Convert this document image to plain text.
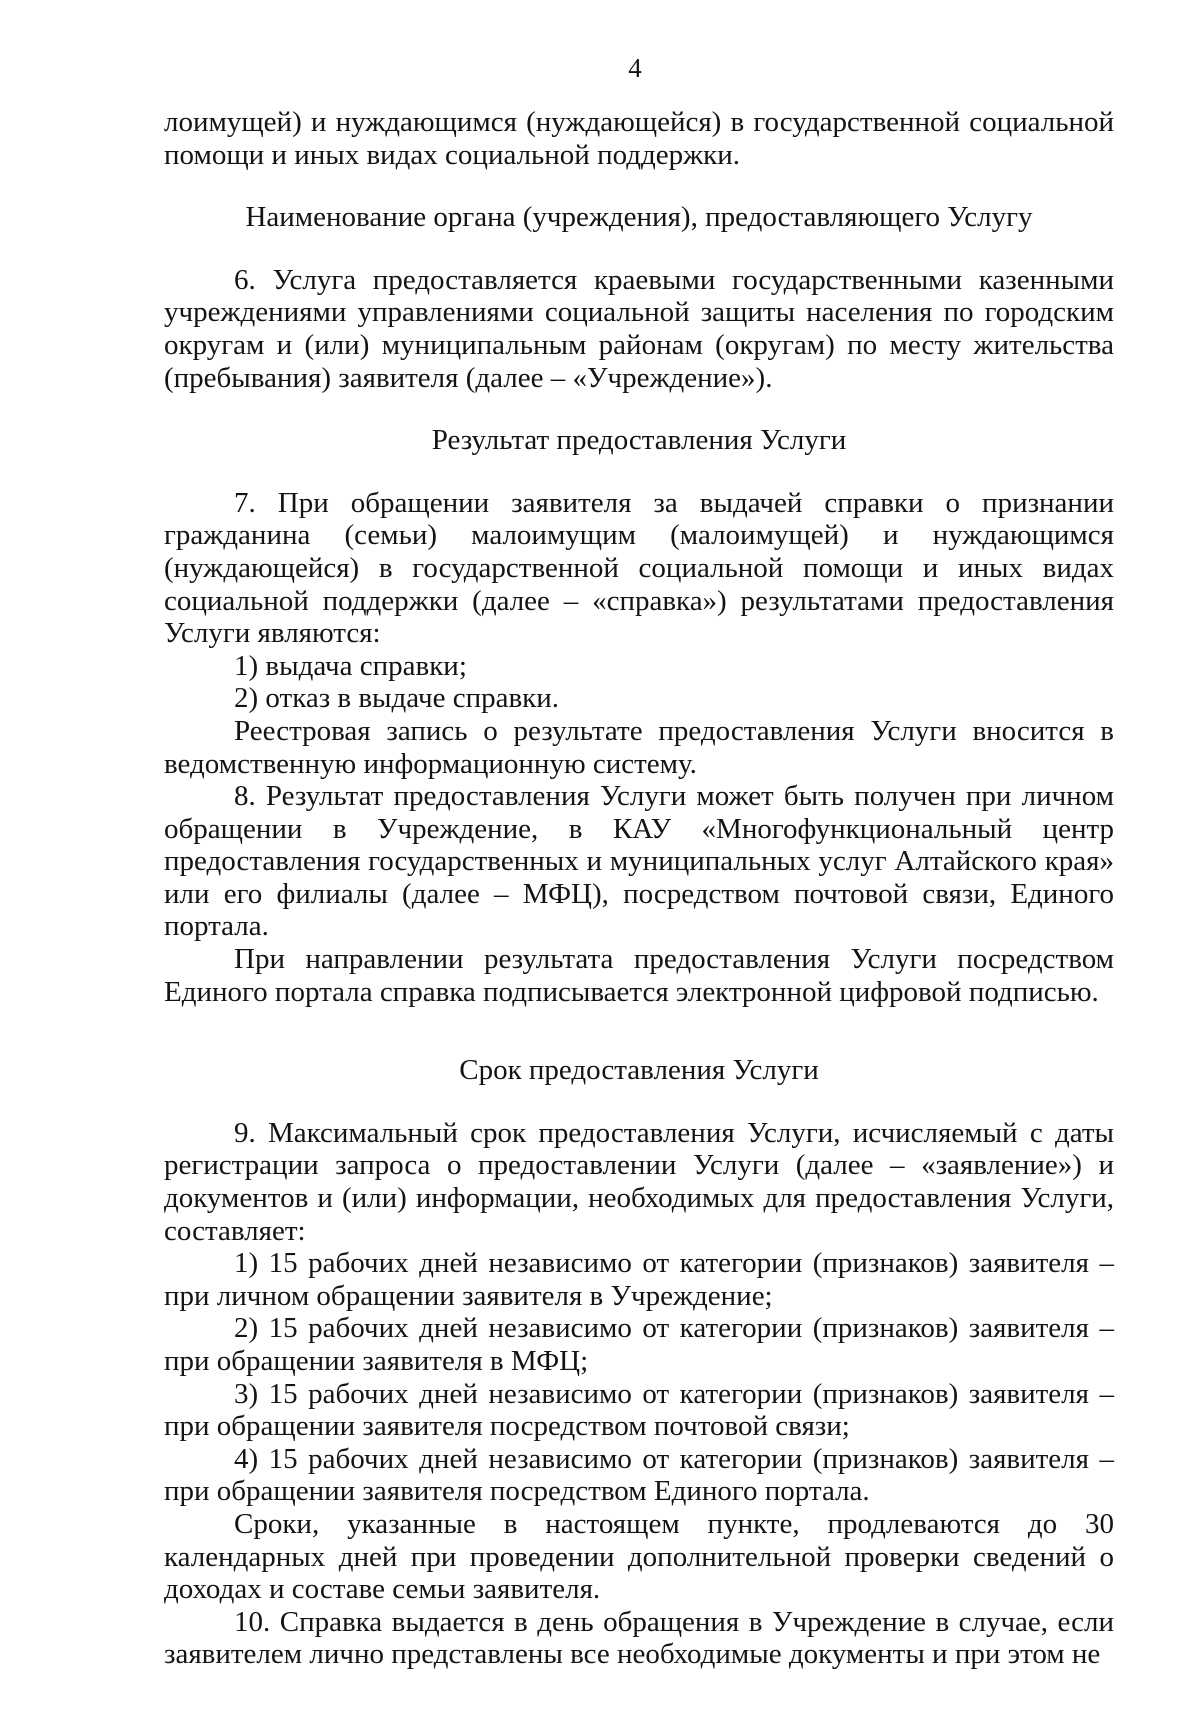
4

лоимущей) и нуждающимся (нуждающейся) в государственной социальной помощи и иных видах социальной поддержки.

Наименование органа (учреждения), предоставляющего Услугу

6. Услуга предоставляется краевыми государственными казенными учреждениями управлениями социальной защиты населения по городским округам и (или) муниципальным районам (округам) по месту жительства (пребывания) заявителя (далее – «Учреждение»).

Результат предоставления Услуги

7. При обращении заявителя за выдачей справки о признании гражданина (семьи) малоимущим (малоимущей) и нуждающимся (нуждающейся) в государственной социальной помощи и иных видах социальной поддержки (далее – «справка») результатами предоставления Услуги являются:

1) выдача справки;

2) отказ в выдаче справки.

Реестровая запись о результате предоставления Услуги вносится в ведомственную информационную систему.

8. Результат предоставления Услуги может быть получен при личном обращении в Учреждение, в КАУ «Многофункциональный центр предоставления государственных и муниципальных услуг Алтайского края» или его филиалы (далее – МФЦ), посредством почтовой связи, Единого портала.

При направлении результата предоставления Услуги посредством Единого портала справка подписывается электронной цифровой подписью.

Срок предоставления Услуги

9. Максимальный срок предоставления Услуги, исчисляемый с даты регистрации запроса о предоставлении Услуги (далее – «заявление») и документов и (или) информации, необходимых для предоставления Услуги, составляет:

1) 15 рабочих дней независимо от категории (признаков) заявителя – при личном обращении заявителя в Учреждение;

2) 15 рабочих дней независимо от категории (признаков) заявителя – при обращении заявителя в МФЦ;

3) 15 рабочих дней независимо от категории (признаков) заявителя – при обращении заявителя посредством почтовой связи;

4) 15 рабочих дней независимо от категории (признаков) заявителя – при обращении заявителя посредством Единого портала.

Сроки, указанные в настоящем пункте, продлеваются до 30 календарных дней при проведении дополнительной проверки сведений о доходах и составе семьи заявителя.

10. Справка выдается в день обращения в Учреждение в случае, если заявителем лично представлены все необходимые документы и при этом не
